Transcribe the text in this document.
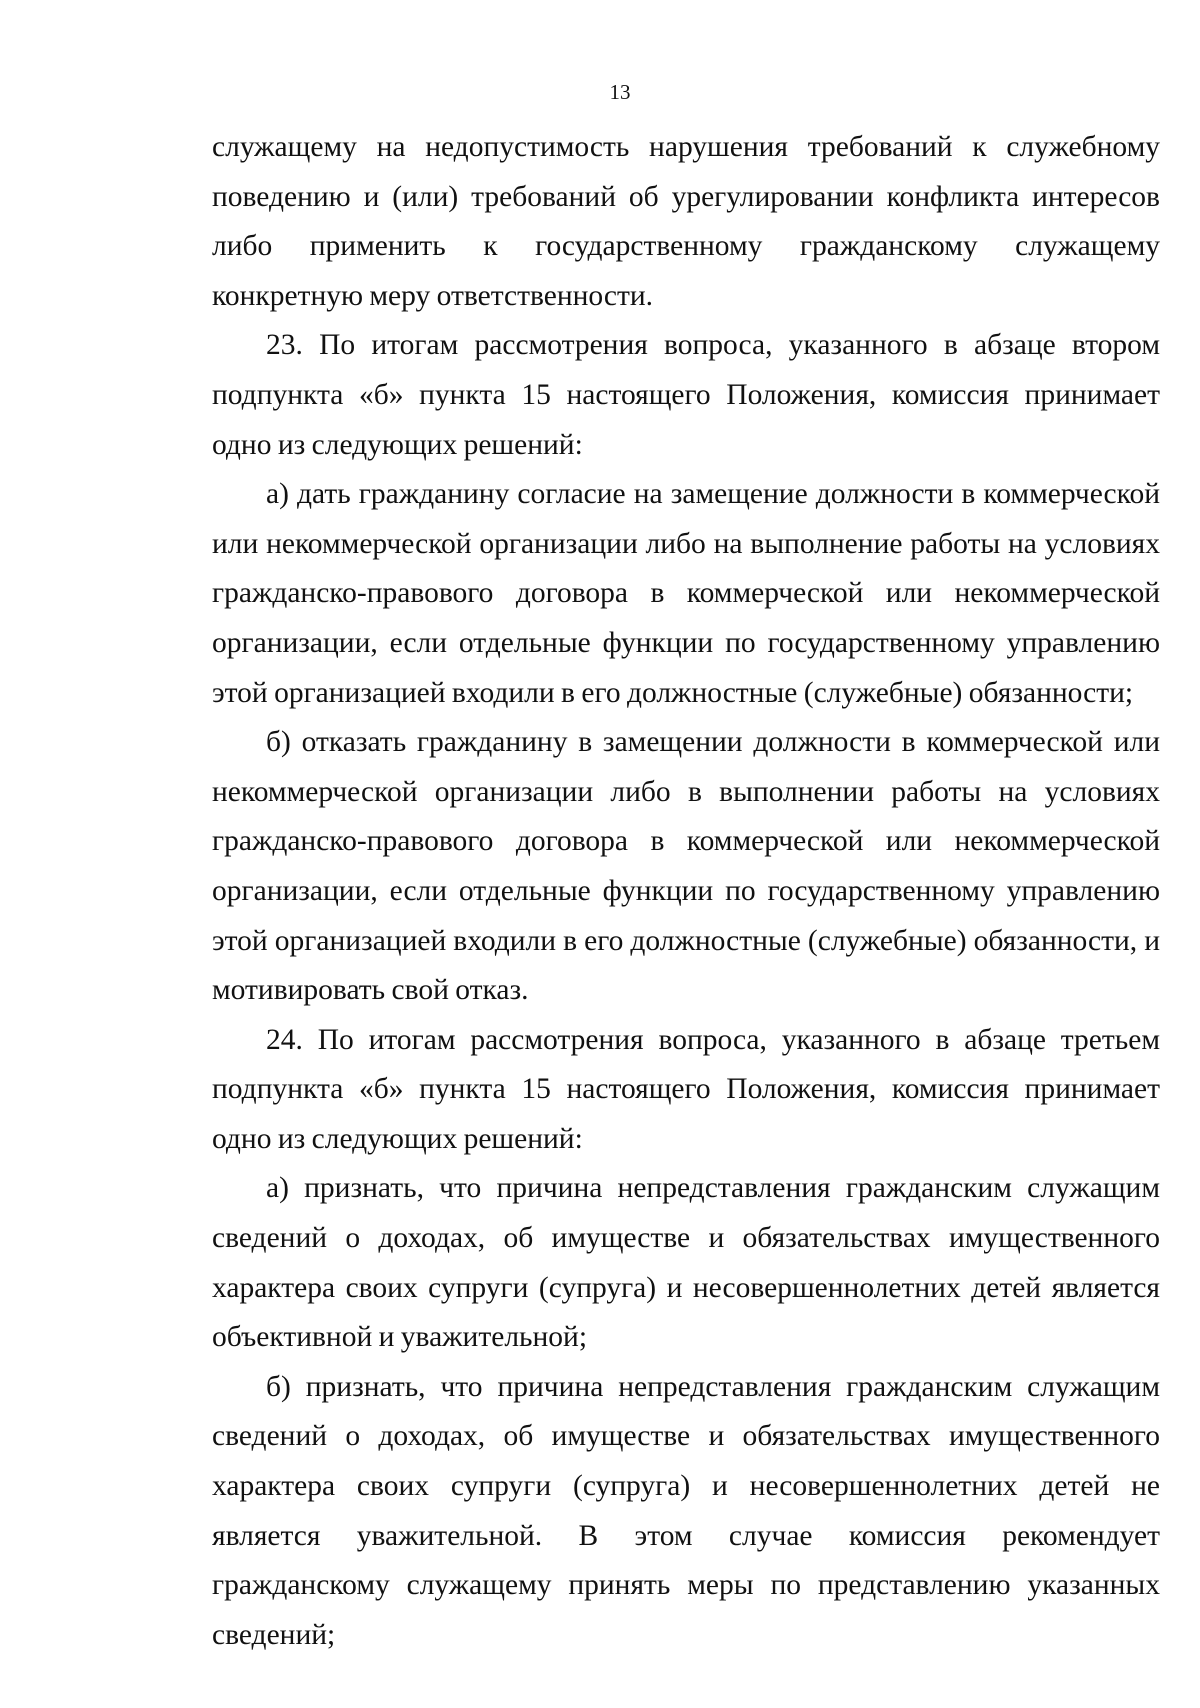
13

служащему на недопустимость нарушения требований к служебному поведению и (или) требований об урегулировании конфликта интересов либо применить к государственному гражданскому служащему конкретную меру ответственности.

23. По итогам рассмотрения вопроса, указанного в абзаце втором подпункта «б» пункта 15 настоящего Положения, комиссия принимает одно из следующих решений:

а) дать гражданину согласие на замещение должности в коммерческой или некоммерческой организации либо на выполнение работы на условиях гражданско-правового договора в коммерческой или некоммерческой организации, если отдельные функции по государственному управлению этой организацией входили в его должностные (служебные) обязанности;

б) отказать гражданину в замещении должности в коммерческой или некоммерческой организации либо в выполнении работы на условиях гражданско-правового договора в коммерческой или некоммерческой организации, если отдельные функции по государственному управлению этой организацией входили в его должностные (служебные) обязанности, и мотивировать свой отказ.

24. По итогам рассмотрения вопроса, указанного в абзаце третьем подпункта «б» пункта 15 настоящего Положения, комиссия принимает одно из следующих решений:

а) признать, что причина непредставления гражданским служащим сведений о доходах, об имуществе и обязательствах имущественного характера своих супруги (супруга) и несовершеннолетних детей является объективной и уважительной;

б) признать, что причина непредставления гражданским служащим сведений о доходах, об имуществе и обязательствах имущественного характера своих супруги (супруга) и несовершеннолетних детей не является уважительной. В этом случае комиссия рекомендует гражданскому служащему принять меры по представлению указанных сведений;
